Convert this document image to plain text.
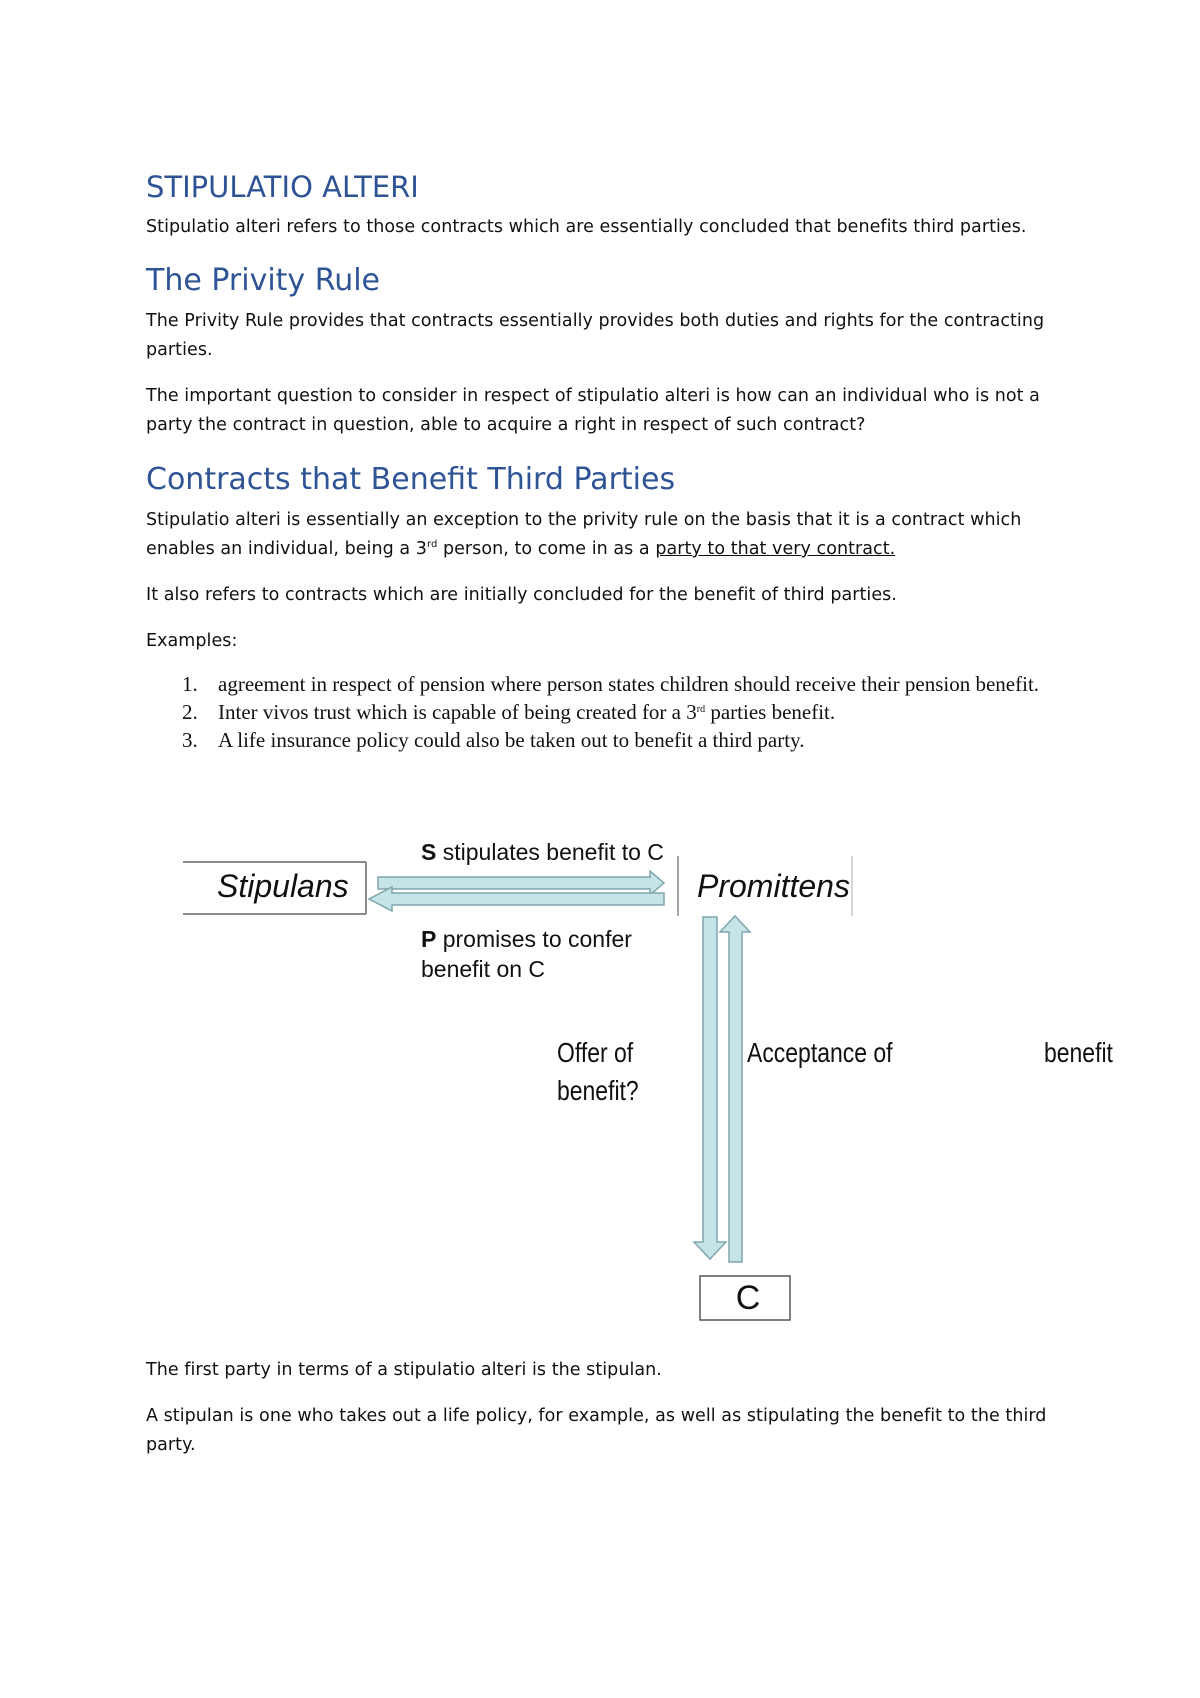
STIPULATIO ALTERI

Stipulatio alteri refers to those contracts which are essentially concluded that benefits third parties.

The Privity Rule

The Privity Rule provides that contracts essentially provides both duties and rights for the contracting parties.

The important question to consider in respect of stipulatio alteri is how can an individual who is not a party the contract in question, able to acquire a right in respect of such contract?

Contracts that Benefit Third Parties

Stipulatio alteri is essentially an exception to the privity rule on the basis that it is a contract which enables an individual, being a 3rd person, to come in as a party to that very contract.

It also refers to contracts which are initially concluded for the benefit of third parties.

Examples:

1. agreement in respect of pension where person states children should receive their pension benefit.
2. Inter vivos trust which is capable of being created for a 3rd parties benefit.
3. A life insurance policy could also be taken out to benefit a third party.
Stipulans	Promittens
C
S stipulates benefit to C
P promises to confer benefit on C
Offer of
benefit?
Acceptance of	benefit

The first party in terms of a stipulatio alteri is the stipulan.

A stipulan is one who takes out a life policy, for example, as well as stipulating the benefit to the third party.
